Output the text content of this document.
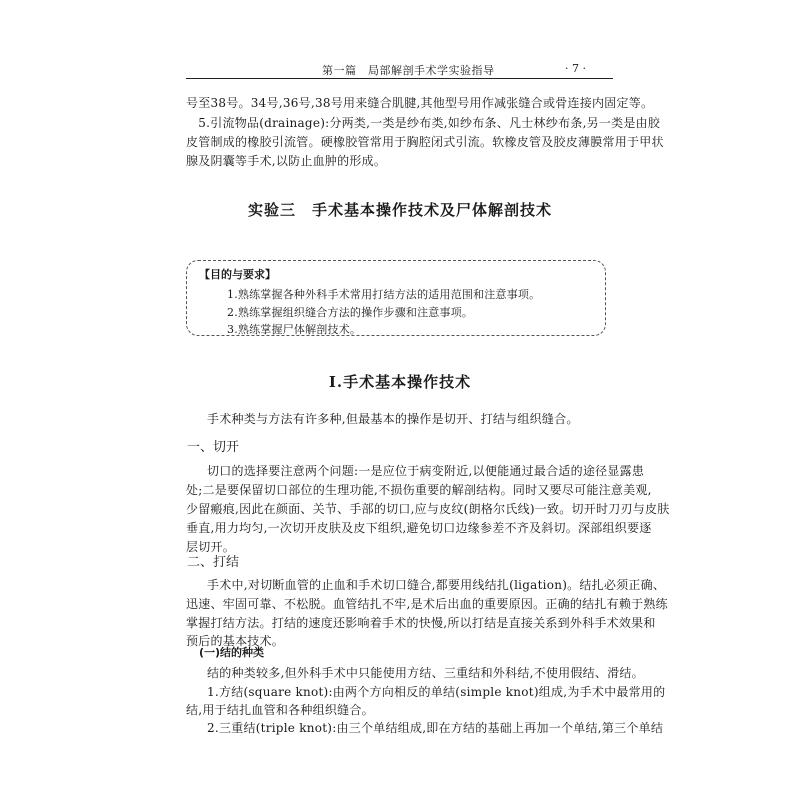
第一篇　局部解剖手术学实验指导	· 7 ·
号至38号。34号,36号,38号用来缝合肌腱,其他型号用作减张缝合或骨连接内固定等。
　5.引流物品(drainage):分两类,一类是纱布类,如纱布条、凡士林纱布条,另一类是由胶
皮管制成的橡胶引流管。硬橡胶管常用于胸腔闭式引流。软橡皮管及胶皮薄膜常用于甲状
腺及阴囊等手术,以防止血肿的形成。
实验三　手术基本操作技术及尸体解剖技术
【目的与要求】
1.熟练掌握各种外科手术常用打结方法的适用范围和注意事项。
2.熟练掌握组织缝合方法的操作步骤和注意事项。
3.熟练掌握尸体解剖技术。
Ⅰ.手术基本操作技术
手术种类与方法有许多种,但最基本的操作是切开、打结与组织缝合。
一、切开
切口的选择要注意两个问题:一是应位于病变附近,以便能通过最合适的途径显露患
处;二是要保留切口部位的生理功能,不损伤重要的解剖结构。同时又要尽可能注意美观,
少留瘢痕,因此在颜面、关节、手部的切口,应与皮纹(朗格尔氏线)一致。切开时刀刃与皮肤
垂直,用力均匀,一次切开皮肤及皮下组织,避免切口边缘参差不齐及斜切。深部组织要逐
层切开。
二、打结
手术中,对切断血管的止血和手术切口缝合,都要用线结扎(ligation)。结扎必须正确、
迅速、牢固可靠、不松脱。血管结扎不牢,是术后出血的重要原因。正确的结扎有赖于熟练
掌握打结方法。打结的速度还影响着手术的快慢,所以打结是直接关系到外科手术效果和
预后的基本技术。
(一)结的种类
结的种类较多,但外科手术中只能使用方结、三重结和外科结,不使用假结、滑结。
1.方结(square knot):由两个方向相反的单结(simple knot)组成,为手术中最常用的
结,用于结扎血管和各种组织缝合。
2.三重结(triple knot):由三个单结组成,即在方结的基础上再加一个单结,第三个单结
